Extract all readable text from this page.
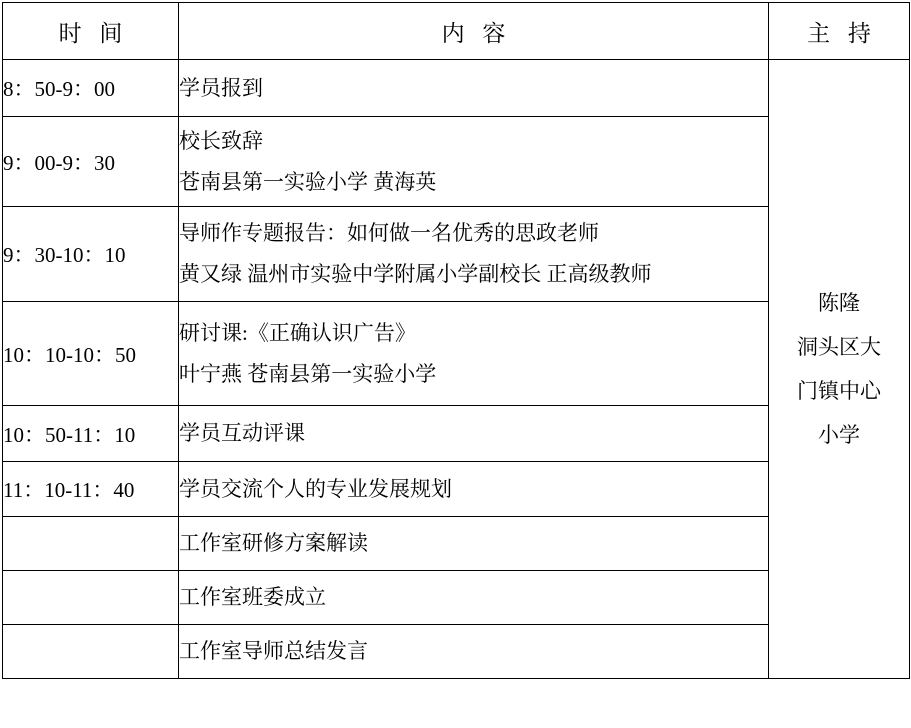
时 间	内 容	主 持
8：50-9：00	学员报到	陈隆
洞头区大
门镇中心
小学

9：00-9：30	校长致辞
苍南县第一实验小学 黄海英	

9：30-10：10	导师作专题报告：如何做一名优秀的思政老师
黄又绿 温州市实验中学附属小学副校长 正高级教师	

10：10-10：50	研讨课:《正确认识广告》
叶宁燕 苍南县第一实验小学	

10：50-11：10	学员互动评课	

11：10-11：40	学员交流个人的专业发展规划	

	工作室研修方案解读	

	工作室班委成立	

	工作室导师总结发言	
